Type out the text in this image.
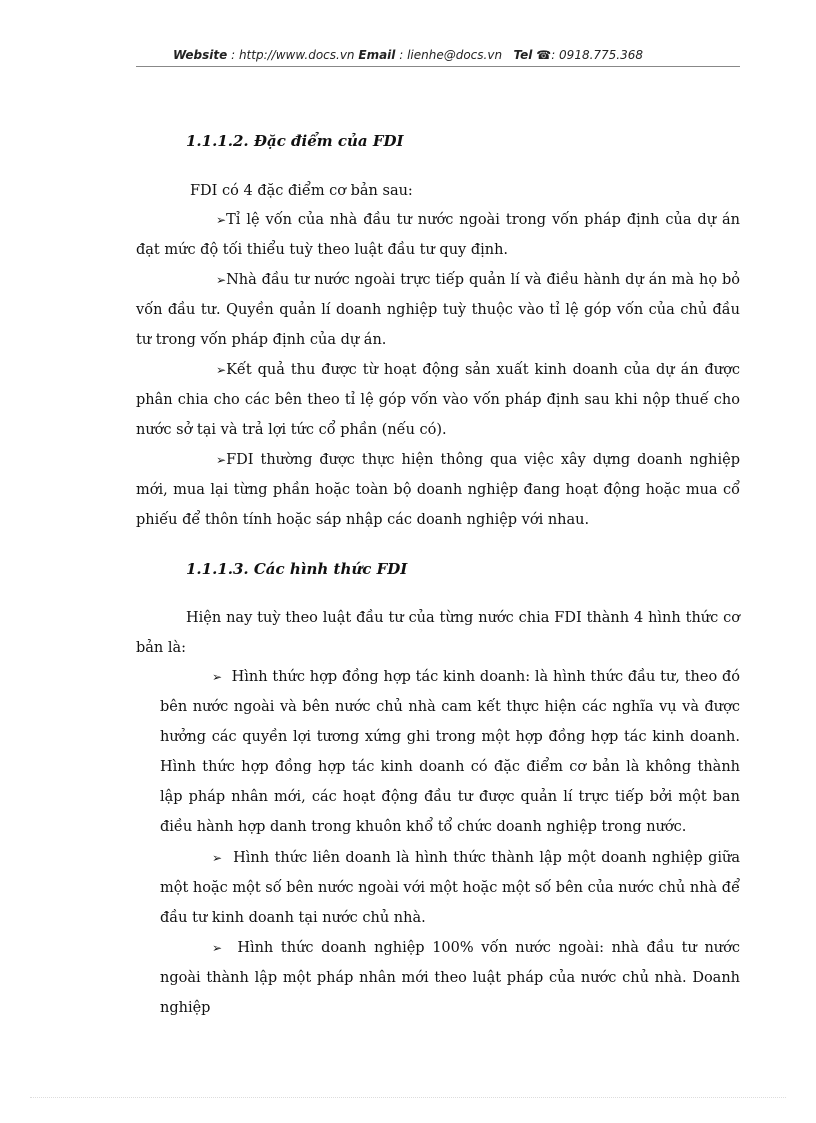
Website : http://www.docs.vn Email : lienhe@docs.vn Tel ☎: 0918.775.368
1.1.1.2. Đặc điểm của FDI
FDI có 4 đặc điểm cơ bản sau:
➢Tỉ lệ vốn của nhà đầu tư nước ngoài trong vốn pháp định của dự án đạt mức độ tối thiểu tuỳ theo luật đầu tư quy định.
➢Nhà đầu tư nước ngoài trực tiếp quản lí và điều hành dự án mà họ bỏ vốn đầu tư. Quyền quản lí doanh nghiệp tuỳ thuộc vào tỉ lệ góp vốn của chủ đầu tư trong vốn pháp định của dự án.
➢Kết quả thu được từ hoạt động sản xuất kinh doanh của dự án được phân chia cho các bên theo tỉ lệ góp vốn vào vốn pháp định sau khi nộp thuế cho nước sở tại và trả lợi tức cổ phần (nếu có).
➢FDI thường được thực hiện thông qua việc xây dựng doanh nghiệp mới, mua lại từng phần hoặc toàn bộ doanh nghiệp đang hoạt động hoặc mua cổ phiếu để thôn tính hoặc sáp nhập các doanh nghiệp với nhau.
1.1.1.3. Các hình thức FDI
Hiện nay tuỳ theo luật đầu tư của từng nước chia FDI thành 4 hình thức cơ bản là:
➢ Hình thức hợp đồng hợp tác kinh doanh: là hình thức đầu tư, theo đó bên nước ngoài và bên nước chủ nhà cam kết thực hiện các nghĩa vụ và được hưởng các quyền lợi tương xứng ghi trong một hợp đồng hợp tác kinh doanh. Hình thức hợp đồng hợp tác kinh doanh có đặc điểm cơ bản là không thành lập pháp nhân mới, các hoạt động đầu tư được quản lí trực tiếp bởi một ban điều hành hợp danh trong khuôn khổ tổ chức doanh nghiệp trong nước.
➢ Hình thức liên doanh là hình thức thành lập một doanh nghiệp giữa một hoặc một số bên nước ngoài với một hoặc một số bên của nước chủ nhà để đầu tư kinh doanh tại nước chủ nhà.
➢ Hình thức doanh nghiệp 100% vốn nước ngoài: nhà đầu tư nước ngoài thành lập một pháp nhân mới theo luật pháp của nước chủ nhà. Doanh nghiệp
